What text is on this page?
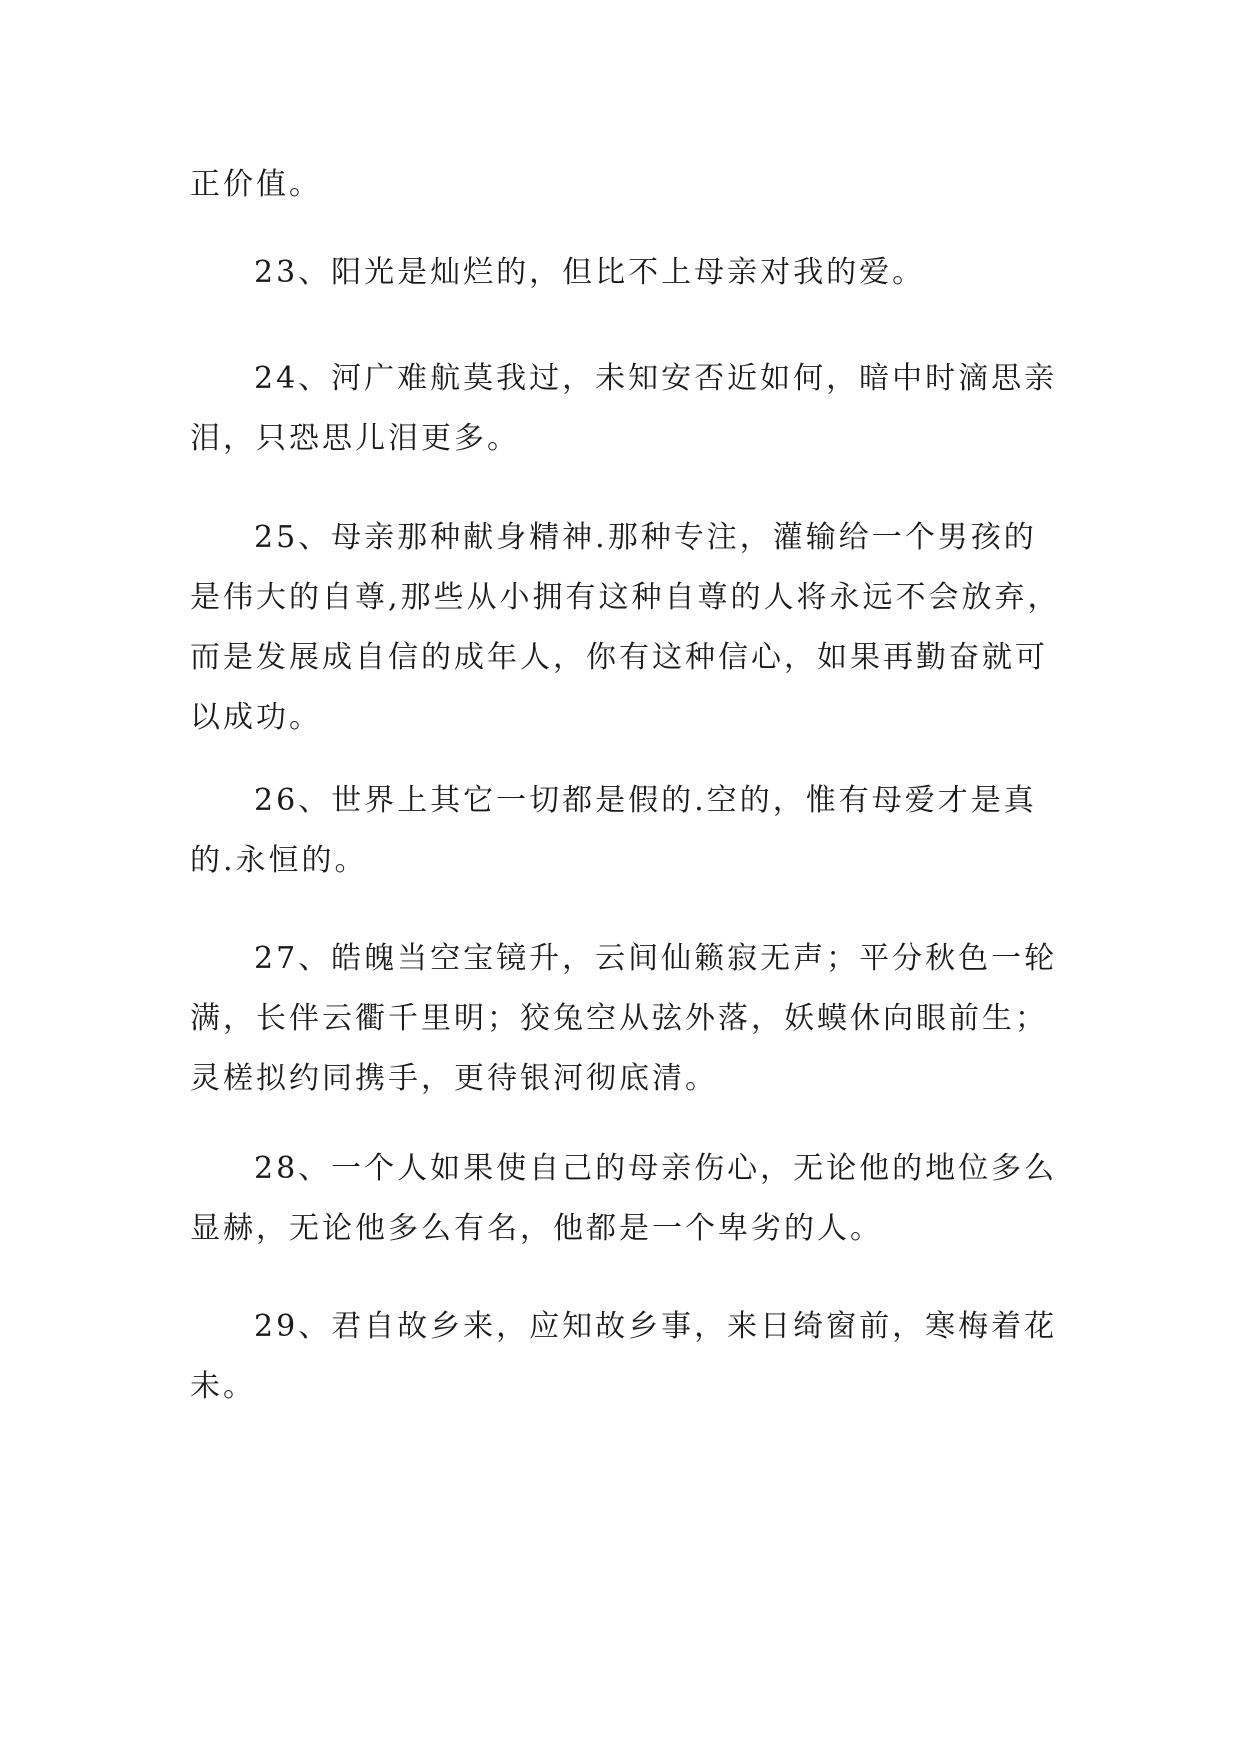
正价值。
23、阳光是灿烂的，但比不上母亲对我的爱。
24、河广难航莫我过，未知安否近如何，暗中时滴思亲
泪，只恐思儿泪更多。
25、母亲那种献身精神.那种专注，灌输给一个男孩的
是伟大的自尊,那些从小拥有这种自尊的人将永远不会放弃，
而是发展成自信的成年人，你有这种信心，如果再勤奋就可
以成功。
26、世界上其它一切都是假的.空的，惟有母爱才是真
的.永恒的。
27、皓魄当空宝镜升，云间仙籁寂无声；平分秋色一轮
满，长伴云衢千里明；狡兔空从弦外落，妖蟆休向眼前生；
灵槎拟约同携手，更待银河彻底清。
28、一个人如果使自己的母亲伤心，无论他的地位多么
显赫，无论他多么有名，他都是一个卑劣的人。
29、君自故乡来，应知故乡事，来日绮窗前，寒梅着花
未。
